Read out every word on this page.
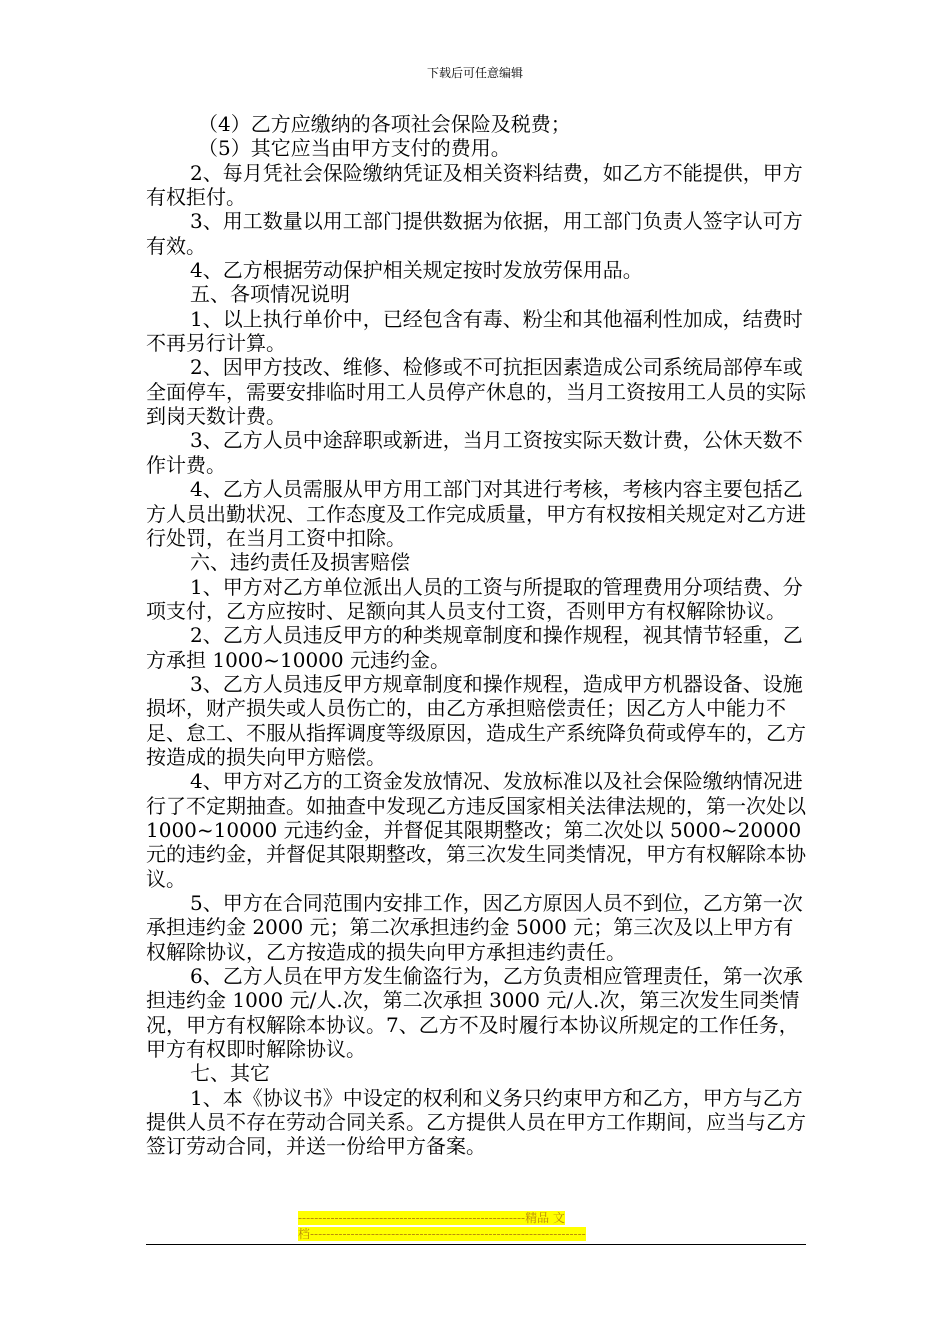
下载后可任意编辑

（4）乙方应缴纳的各项社会保险及税费；

（5）其它应当由甲方支付的费用。

2、每月凭社会保险缴纳凭证及相关资料结费，如乙方不能提供，甲方有权拒付。

3、用工数量以用工部门提供数据为依据，用工部门负责人签字认可方有效。

4、乙方根据劳动保护相关规定按时发放劳保用品。

五、各项情况说明

1、以上执行单价中，已经包含有毒、粉尘和其他福利性加成，结费时不再另行计算。

2、因甲方技改、维修、检修或不可抗拒因素造成公司系统局部停车或全面停车，需要安排临时用工人员停产休息的，当月工资按用工人员的实际到岗天数计费。

3、乙方人员中途辞职或新进，当月工资按实际天数计费，公休天数不作计费。

4、乙方人员需服从甲方用工部门对其进行考核，考核内容主要包括乙方人员出勤状况、工作态度及工作完成质量，甲方有权按相关规定对乙方进行处罚，在当月工资中扣除。

六、违约责任及损害赔偿

1、甲方对乙方单位派出人员的工资与所提取的管理费用分项结费、分项支付，乙方应按时、足额向其人员支付工资，否则甲方有权解除协议。

2、乙方人员违反甲方的种类规章制度和操作规程，视其情节轻重，乙方承担 1000~10000 元违约金。

3、乙方人员违反甲方规章制度和操作规程，造成甲方机器设备、设施损坏，财产损失或人员伤亡的，由乙方承担赔偿责任；因乙方人中能力不足、怠工、不服从指挥调度等级原因，造成生产系统降负荷或停车的，乙方按造成的损失向甲方赔偿。

4、甲方对乙方的工资金发放情况、发放标准以及社会保险缴纳情况进行了不定期抽查。如抽查中发现乙方违反国家相关法律法规的，第一次处以 1000~10000 元违约金，并督促其限期整改；第二次处以 5000~20000 元的违约金，并督促其限期整改，第三次发生同类情况，甲方有权解除本协议。

5、甲方在合同范围内安排工作，因乙方原因人员不到位，乙方第一次承担违约金 2000 元；第二次承担违约金 5000 元；第三次及以上甲方有权解除协议，乙方按造成的损失向甲方承担违约责任。

6、乙方人员在甲方发生偷盗行为，乙方负责相应管理责任，第一次承担违约金 1000 元/人.次，第二次承担 3000 元/人.次，第三次发生同类情况，甲方有权解除本协议。7、乙方不及时履行本协议所规定的工作任务，甲方有权即时解除协议。

七、其它

1、本《协议书》中设定的权利和义务只约束甲方和乙方，甲方与乙方提供人员不存在劳动合同关系。乙方提供人员在甲方工作期间，应当与乙方签订劳动合同，并送一份给甲方备案。

--------------------------------------------------------精品 文
档--------------------------------------------------------------------
